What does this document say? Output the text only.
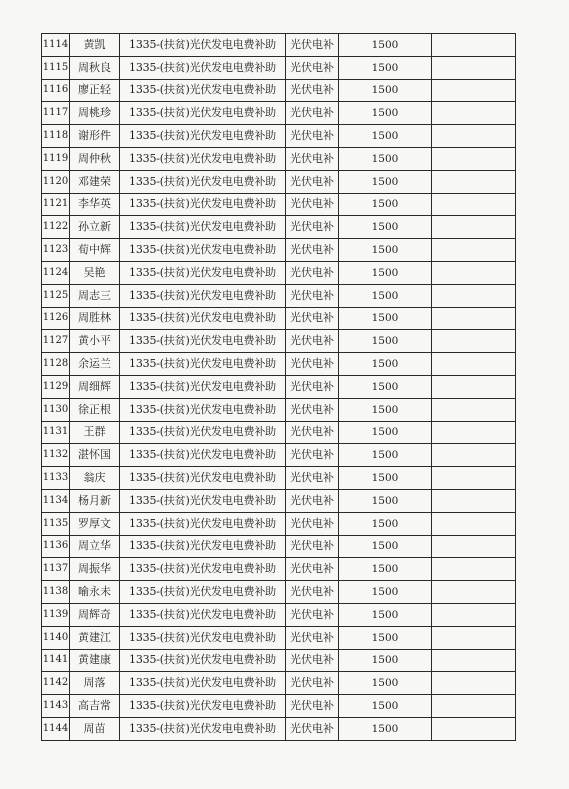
1114	黄凯	1335-(扶贫)光伏发电电费补助	光伏电补	1500	
1115	周秋良	1335-(扶贫)光伏发电电费补助	光伏电补	1500	
1116	廖正轻	1335-(扶贫)光伏发电电费补助	光伏电补	1500	
1117	周桃珍	1335-(扶贫)光伏发电电费补助	光伏电补	1500	
1118	谢形件	1335-(扶贫)光伏发电电费补助	光伏电补	1500	
1119	周仲秋	1335-(扶贫)光伏发电电费补助	光伏电补	1500	
1120	邓建荣	1335-(扶贫)光伏发电电费补助	光伏电补	1500	
1121	李华英	1335-(扶贫)光伏发电电费补助	光伏电补	1500	
1122	孙立新	1335-(扶贫)光伏发电电费补助	光伏电补	1500	
1123	荀中辉	1335-(扶贫)光伏发电电费补助	光伏电补	1500	
1124	吴艳	1335-(扶贫)光伏发电电费补助	光伏电补	1500	
1125	周志三	1335-(扶贫)光伏发电电费补助	光伏电补	1500	
1126	周胜林	1335-(扶贫)光伏发电电费补助	光伏电补	1500	
1127	黄小平	1335-(扶贫)光伏发电电费补助	光伏电补	1500	
1128	余运兰	1335-(扶贫)光伏发电电费补助	光伏电补	1500	
1129	周细辉	1335-(扶贫)光伏发电电费补助	光伏电补	1500	
1130	徐正根	1335-(扶贫)光伏发电电费补助	光伏电补	1500	
1131	王群	1335-(扶贫)光伏发电电费补助	光伏电补	1500	
1132	湛怀国	1335-(扶贫)光伏发电电费补助	光伏电补	1500	
1133	翁庆	1335-(扶贫)光伏发电电费补助	光伏电补	1500	
1134	杨月新	1335-(扶贫)光伏发电电费补助	光伏电补	1500	
1135	罗厚文	1335-(扶贫)光伏发电电费补助	光伏电补	1500	
1136	周立华	1335-(扶贫)光伏发电电费补助	光伏电补	1500	
1137	周振华	1335-(扶贫)光伏发电电费补助	光伏电补	1500	
1138	喻永未	1335-(扶贫)光伏发电电费补助	光伏电补	1500	
1139	周辉奇	1335-(扶贫)光伏发电电费补助	光伏电补	1500	
1140	黄建江	1335-(扶贫)光伏发电电费补助	光伏电补	1500	
1141	黄建康	1335-(扶贫)光伏发电电费补助	光伏电补	1500	
1142	周落	1335-(扶贫)光伏发电电费补助	光伏电补	1500	
1143	高吉常	1335-(扶贫)光伏发电电费补助	光伏电补	1500	
1144	周苗	1335-(扶贫)光伏发电电费补助	光伏电补	1500	
